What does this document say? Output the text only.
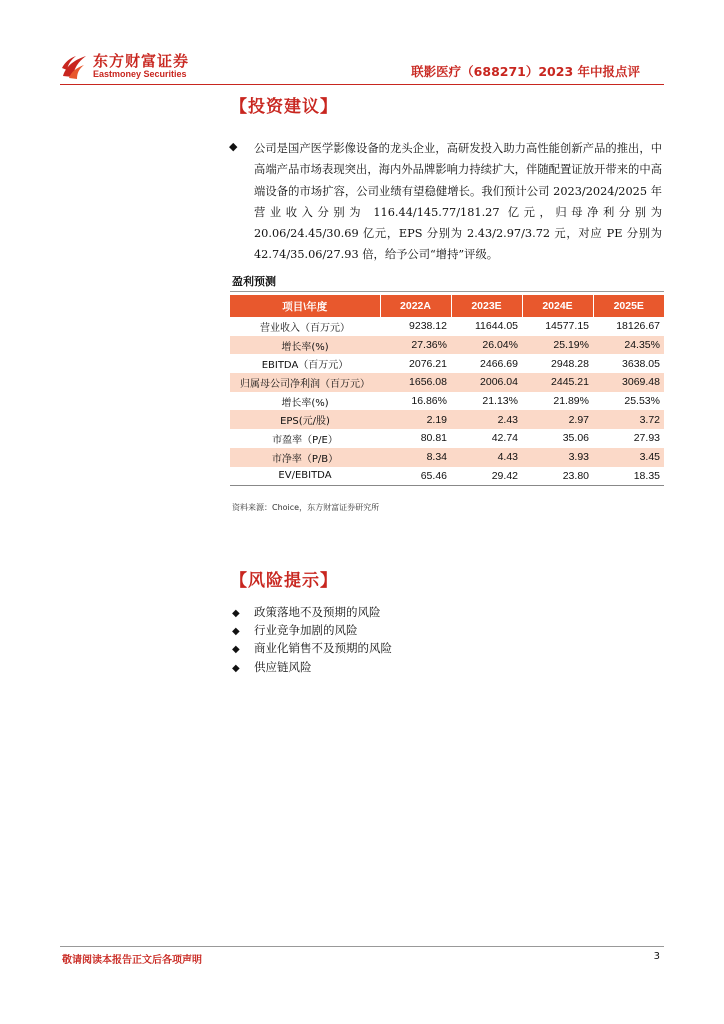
东方财富证券
Eastmoney Securities	联影医疗（688271）2023 年中报点评
【投资建议】
◆ 公司是国产医学影像设备的龙头企业，高研发投入助力高性能创新产品的推出，中高端产品市场表现突出，海内外品牌影响力持续扩大，伴随配置证放开带来的中高端设备的市场扩容，公司业绩有望稳健增长。我们预计公司 2023/2024/2025 年营业收入分别为 116.44/145.77/181.27 亿元，归母净利分别为 20.06/24.45/30.69 亿元，EPS 分别为 2.43/2.97/3.72 元，对应 PE 分别为 42.74/35.06/27.93 倍，给予公司“增持”评级。

盈利预测
项目\年度	2022A	2023E	2024E	2025E
营业收入（百万元）	9238.12	11644.05	14577.15	18126.67
增长率(%)	27.36%	26.04%	25.19%	24.35%
EBITDA（百万元）	2076.21	2466.69	2948.28	3638.05
归属母公司净利润（百万元）	1656.08	2006.04	2445.21	3069.48
增长率(%)	16.86%	21.13%	21.89%	25.53%
EPS(元/股)	2.19	2.43	2.97	3.72
市盈率（P/E）	80.81	42.74	35.06	27.93
市净率（P/B）	8.34	4.43	3.93	3.45
EV/EBITDA	65.46	29.42	23.80	18.35
资料来源：Choice，东方财富证券研究所
【风险提示】
◆ 政策落地不及预期的风险
◆ 行业竞争加剧的风险
◆ 商业化销售不及预期的风险
◆ 供应链风险
敬请阅读本报告正文后各项声明	3
